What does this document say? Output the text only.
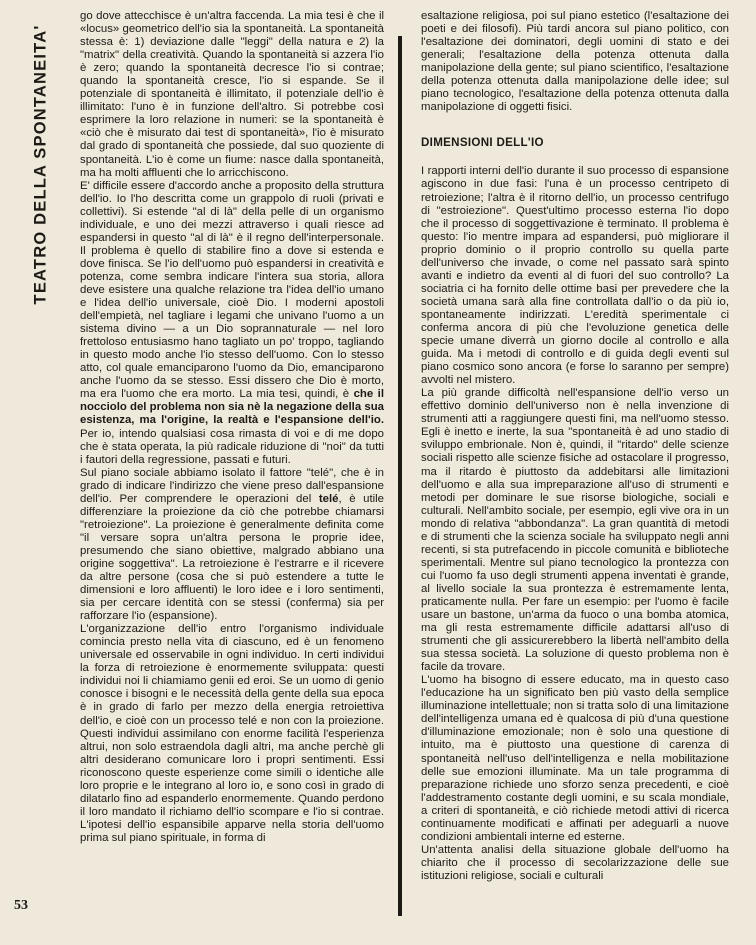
TEATRO DELLA SPONTANEITA'

go dove attecchisce è un'altra faccenda. La mia tesi è che il «locus» geometrico dell'io sia la spontaneità. La spontaneità stessa è: 1) deviazione dalle "leggi" della natura e 2) la "matrix" della creatività. Quando la spontaneità si azzera l'io è zero; quando la spontaneità decresce l'io si contrae; quando la spontaneità cresce, l'io si espande. Se il potenziale di spontaneità è illimitato, il potenziale dell'io è illimitato: l'uno è in funzione dell'altro. Si potrebbe così esprimere la loro relazione in numeri: se la spontaneità è «ciò che è misurato dai test di spontaneità», l'io è misurato dal grado di spontaneità che possiede, dal suo quoziente di spontaneità. L'io è come un fiume: nasce dalla spontaneità, ma ha molti affluenti che lo arricchiscono.

E' difficile essere d'accordo anche a proposito della struttura dell'io. Io l'ho descritta come un grappolo di ruoli (privati e collettivi). Si estende "al di là" della pelle di un organismo individuale, e uno dei mezzi attraverso i quali riesce ad espandersi in questo "al di là" è il regno dell'interpersonale. Il problema è quello di stabilire fino a dove si estenda e dove finisca. Se l'io dell'uomo può espandersi in creatività e potenza, come sembra indicare l'intera sua storia, allora deve esistere una qualche relazione tra l'idea dell'io umano e l'idea dell'io universale, cioè Dio. I moderni apostoli dell'empietà, nel tagliare i legami che univano l'uomo a un sistema divino — a un Dio soprannaturale — nel loro frettoloso entusiasmo hano tagliato un po' troppo, tagliando in questo modo anche l'io stesso dell'uomo. Con lo stesso atto, col quale emanciparono l'uomo da Dio, emanciparono anche l'uomo da se stesso. Essi dissero che Dio è morto, ma era l'uomo che era morto. La mia tesi, quindi, è che il nocciolo del problema non sia nè la negazione della sua esistenza, ma l'origine, la realtà e l'espansione dell'io. Per io, intendo qualsiasi cosa rimasta di voi e di me dopo che è stata operata, la più radicale riduzione di "noi" da tutti i fautori della regressione, passati e futuri.

Sul piano sociale abbiamo isolato il fattore "telé", che è in grado di indicare l'indirizzo che viene preso dall'espansione dell'io. Per comprendere le operazioni del telé, è utile differenziare la proiezione da ciò che potrebbe chiamarsi "retroiezione". La proiezione è generalmente definita come "il versare sopra un'altra persona le proprie idee, presumendo che siano obiettive, malgrado abbiano una origine soggettiva". La retroiezione è l'estrarre e il ricevere da altre persone (cosa che si può estendere a tutte le dimensioni e loro affluenti) le loro idee e i loro sentimenti, sia per cercare identità con se stessi (conferma) sia per rafforzare l'io (espansione).

L'organizzazione dell'io entro l'organismo individuale comincia presto nella vita di ciascuno, ed è un fenomeno universale ed osservabile in ogni individuo. In certi individui la forza di retroiezione è enormemente sviluppata: questi individui noi li chiamiamo genii ed eroi. Se un uomo di genio conosce i bisogni e le necessità della gente della sua epoca è in grado di farlo per mezzo della energia retroiettiva dell'io, e cioè con un processo telé e non con la proiezione. Questi individui assimilano con enorme facilità l'esperienza altrui, non solo estraendola dagli altri, ma anche perchè gli altri desiderano comunicare loro i propri sentimenti. Essi riconoscono queste esperienze come simili o identiche alle loro proprie e le integrano al loro io, e sono così in grado di dilatarlo fino ad espanderlo enormemente. Quando perdono il loro mandato il richiamo dell'io scompare e l'io si contrae. L'ipotesi dell'io espansibile apparve nella storia dell'uomo prima sul piano spirituale, in forma di

esaltazione religiosa, poi sul piano estetico (l'esaltazione dei poeti e dei filosofi). Più tardi ancora sul piano politico, con l'esaltazione dei dominatori, degli uomini di stato e dei generali; l'esaltazione della potenza ottenuta dalla manipolazione della gente; sul piano scientifico, l'esaltazione della potenza ottenuta dalla manipolazione delle idee; sul piano tecnologico, l'esaltazione della potenza ottenuta dalla manipolazione di oggetti fisici.

DIMENSIONI DELL'IO

I rapporti interni dell'io durante il suo processo di espansione agiscono in due fasi: l'una è un processo centripeto di retroiezione; l'altra è il ritorno dell'io, un processo centrifugo di "estroiezione". Quest'ultimo processo esterna l'io dopo che il processo di soggettivazione è terminato. Il problema è questo: l'io mentre impara ad espandersi, può migliorare il proprio dominio o il proprio controllo su quella parte dell'universo che invade, o come nel passato sarà spinto avanti e indietro da eventi al di fuori del suo controllo? La sociatria ci ha fornito delle ottime basi per prevedere che la società umana sarà alla fine controllata dall'io o da più io, spontaneamente indirizzati. L'eredità sperimentale ci conferma ancora di più che l'evoluzione genetica delle specie umane diverrà un giorno docile al controllo e alla guida. Ma i metodi di controllo e di guida degli eventi sul piano cosmico sono ancora (e forse lo saranno per sempre) avvolti nel mistero.

La più grande difficoltà nell'espansione dell'io verso un effettivo dominio dell'universo non è nella invenzione di strumenti atti a raggiungere questi fini, ma nell'uomo stesso. Egli è inetto e inerte, la sua "spontaneità è ad uno stadio di sviluppo embrionale. Non è, quindi, il "ritardo" delle scienze sociali rispetto alle scienze fisiche ad ostacolare il progresso, ma il ritardo è piuttosto da addebitarsi alle limitazioni dell'uomo e alla sua impreparazione all'uso di strumenti e metodi per dominare le sue risorse biologiche, sociali e culturali. Nell'ambito sociale, per esempio, egli vive ora in un mondo di relativa "abbondanza". La gran quantità di metodi e di strumenti che la scienza sociale ha sviluppato negli anni recenti, si sta putrefacendo in piccole comunità e biblioteche sperimentali. Mentre sul piano tecnologico la prontezza con cui l'uomo fa uso degli strumenti appena inventati è grande, al livello sociale la sua prontezza è estremamente lenta, praticamente nulla. Per fare un esempio: per l'uomo è facile usare un bastone, un'arma da fuoco o una bomba atomica, ma gli resta estremamente difficile adattarsi all'uso di strumenti che gli assicurerebbero la libertà nell'ambito della sua stessa società. La soluzione di questo problema non è facile da trovare.

L'uomo ha bisogno di essere educato, ma in questo caso l'educazione ha un significato ben più vasto della semplice illuminazione intellettuale; non si tratta solo di una limitazione dell'intelligenza umana ed è qualcosa di più d'una questione d'illuminazione emozionale; non è solo una questione di intuito, ma è piuttosto una questione di carenza di spontaneità nell'uso dell'intelligenza e nella mobilitazione delle sue emozioni illuminate. Ma un tale programma di preparazione richiede uno sforzo senza precedenti, e cioè l'addestramento costante degli uomini, e su scala mondiale, a criteri di spontaneità, e ciò richiede metodi attivi di ricerca continuamente modificati e affinati per adeguarli a nuove condizioni ambientali interne ed esterne.

Un'attenta analisi della situazione globale dell'uomo ha chiarito che il processo di secolarizzazione delle sue istituzioni religiose, sociali e culturali

53
